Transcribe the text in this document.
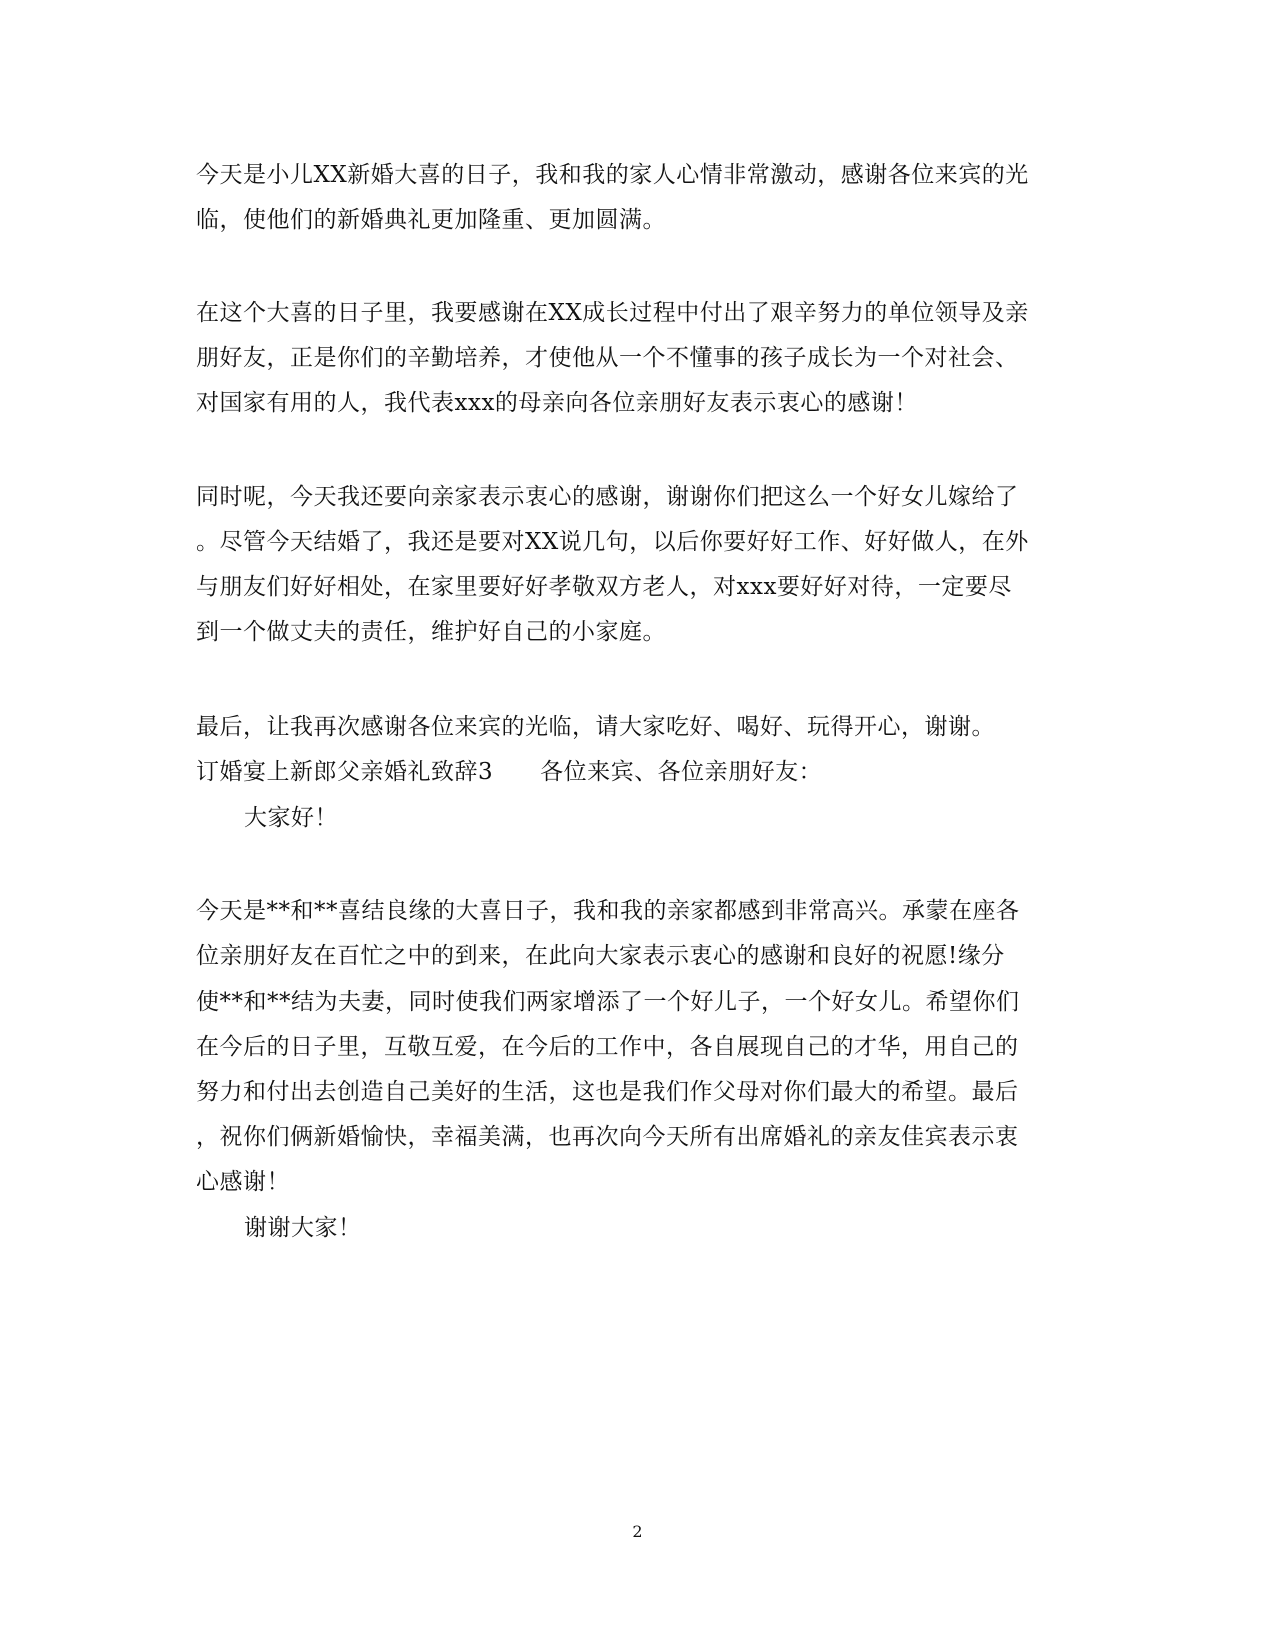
今天是小儿XX新婚大喜的日子，我和我的家人心情非常激动，感谢各位来宾的光
临，使他们的新婚典礼更加隆重、更加圆满。
在这个大喜的日子里，我要感谢在XX成长过程中付出了艰辛努力的单位领导及亲
朋好友，正是你们的辛勤培养，才使他从一个不懂事的孩子成长为一个对社会、
对国家有用的人，我代表xxx的母亲向各位亲朋好友表示衷心的感谢！
同时呢，今天我还要向亲家表示衷心的感谢，谢谢你们把这么一个好女儿嫁给了
。尽管今天结婚了，我还是要对XX说几句，以后你要好好工作、好好做人，在外
与朋友们好好相处，在家里要好好孝敬双方老人，对xxx要好好对待，一定要尽
到一个做丈夫的责任，维护好自己的小家庭。
最后，让我再次感谢各位来宾的光临，请大家吃好、喝好、玩得开心，谢谢。
订婚宴上新郎父亲婚礼致辞3　　各位来宾、各位亲朋好友：
大家好！
今天是**和**喜结良缘的大喜日子，我和我的亲家都感到非常高兴。承蒙在座各
位亲朋好友在百忙之中的到来，在此向大家表示衷心的感谢和良好的祝愿!缘分
使**和**结为夫妻，同时使我们两家增添了一个好儿子，一个好女儿。希望你们
在今后的日子里，互敬互爱，在今后的工作中，各自展现自己的才华，用自己的
努力和付出去创造自己美好的生活，这也是我们作父母对你们最大的希望。最后
，祝你们俩新婚愉快，幸福美满，也再次向今天所有出席婚礼的亲友佳宾表示衷
心感谢！
谢谢大家！
2
